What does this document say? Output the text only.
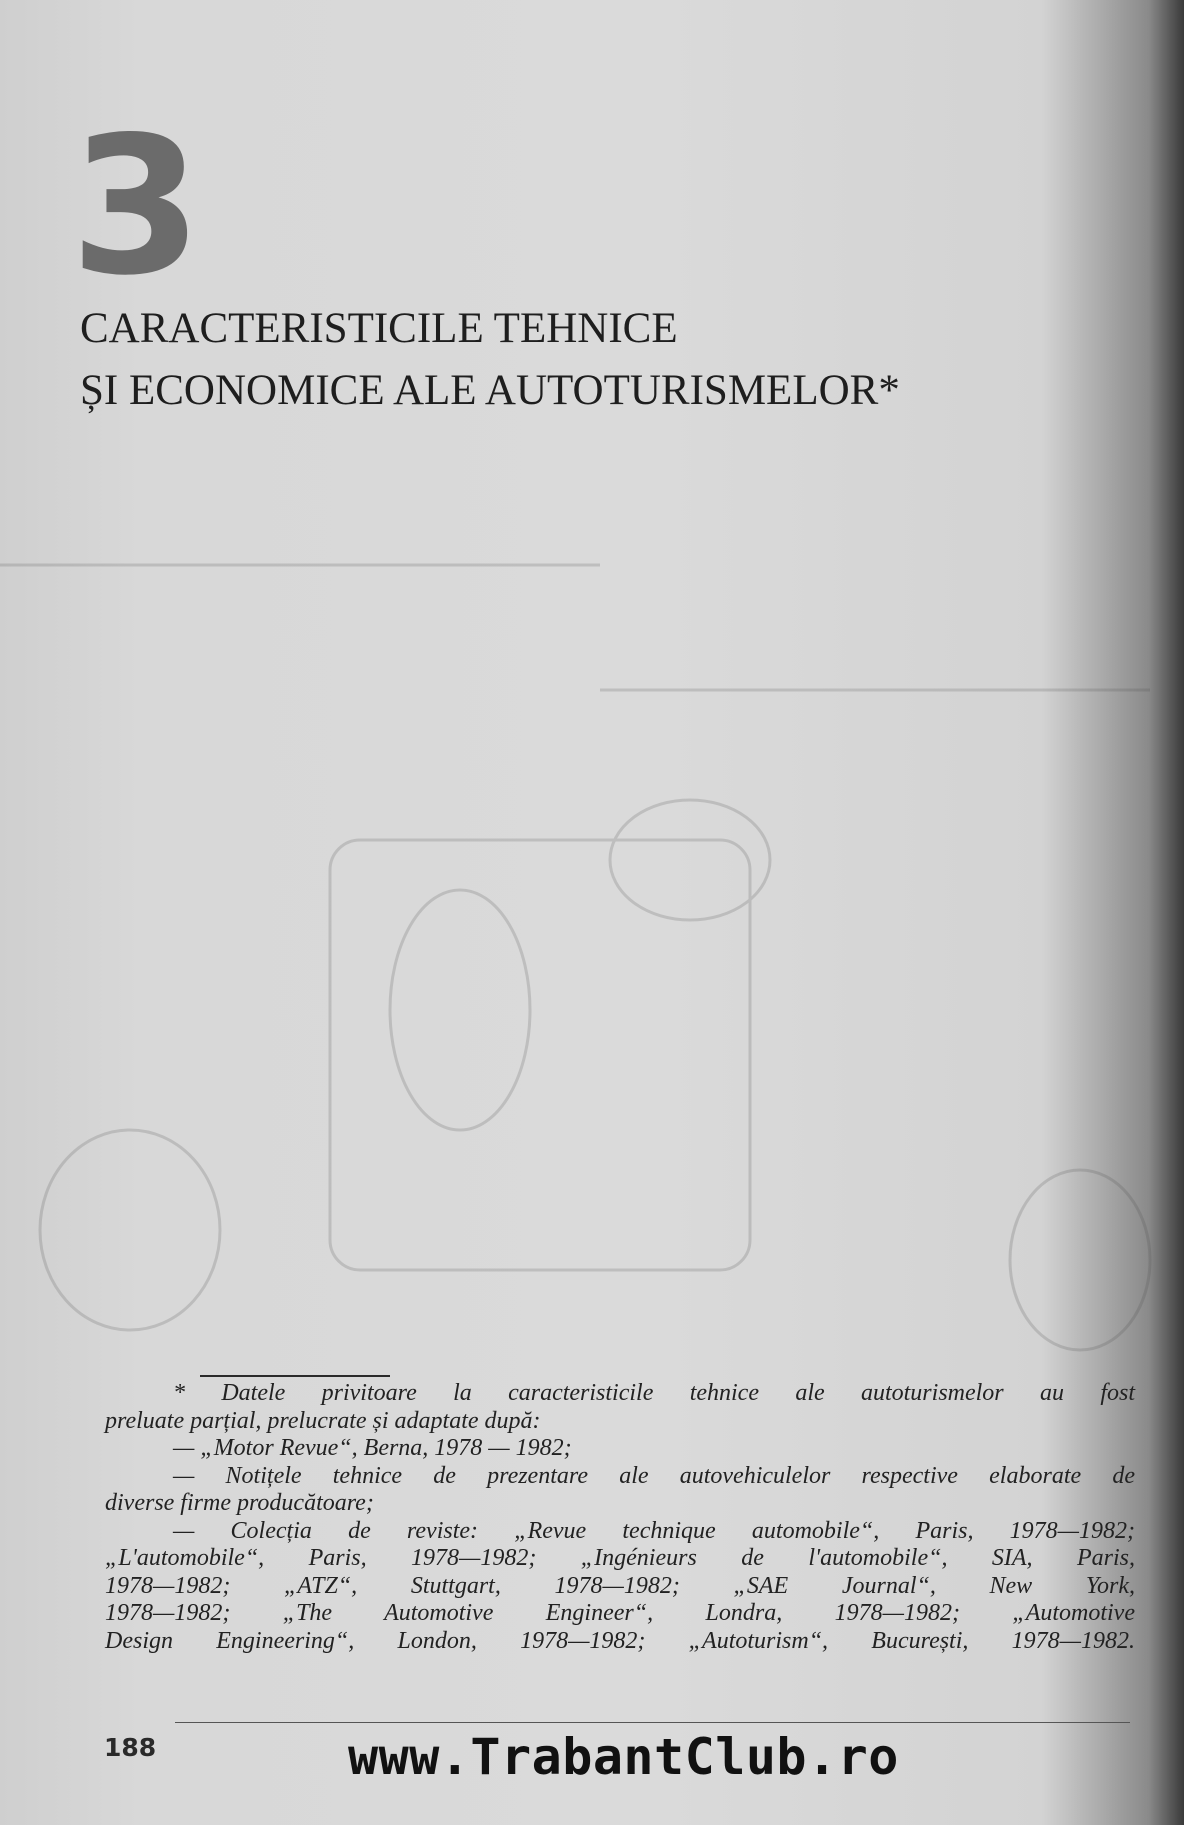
3
CARACTERISTICILE TEHNICE
ȘI ECONOMICE ALE AUTOTURISMELOR*

* Datele privitoare la caracteristicile tehnice ale autoturismelor au fost
preluate parțial, prelucrate și adaptate după:

— „Motor Revue“, Berna, 1978 — 1982;

— Notițele tehnice de prezentare ale autovehiculelor respective elaborate de
diverse firme producătoare;

— Colecția de reviste: „Revue technique automobile“, Paris, 1978—1982;
„L'automobile“, Paris, 1978—1982; „Ingénieurs de l'automobile“, SIA, Paris,
1978—1982; „ATZ“, Stuttgart, 1978—1982; „SAE Journal“, New York,
1978—1982; „The Automotive Engineer“, Londra, 1978—1982; „Automotive
Design Engineering“, London, 1978—1982; „Autoturism“, București, 1978—1982.

188	www.TrabantClub.ro
